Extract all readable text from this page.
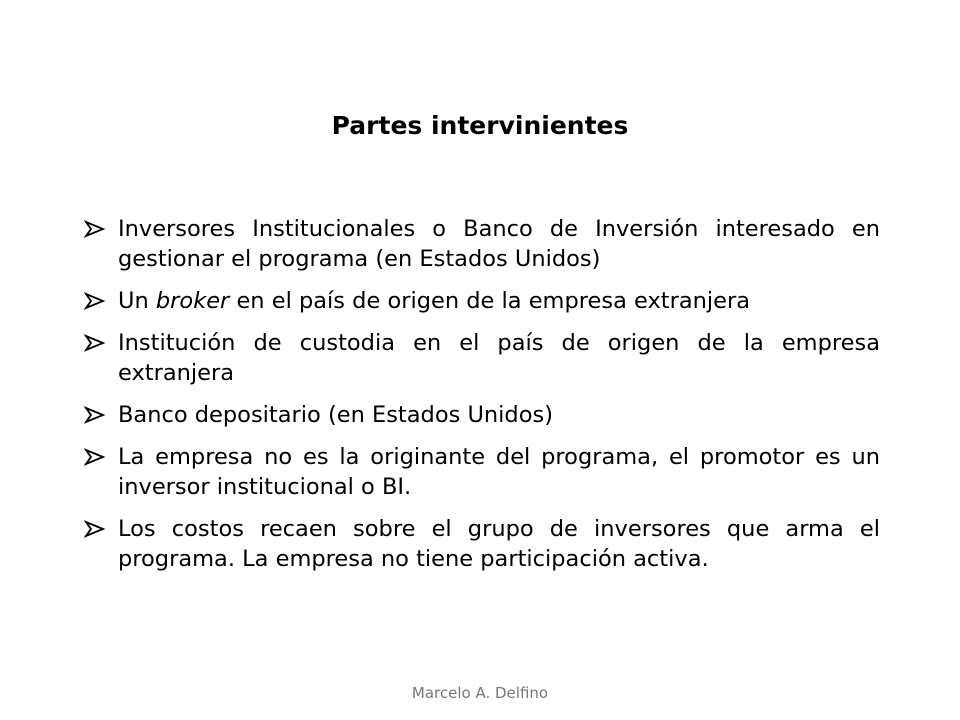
Partes intervinientes
Inversores Institucionales o Banco de Inversión interesado en gestionar el programa (en Estados Unidos)
Un broker en el país de origen de la empresa extranjera
Institución de custodia en el país de origen de la empresa extranjera
Banco depositario (en Estados Unidos)
La empresa no es la originante del programa, el promotor es un inversor institucional o BI.
Los costos recaen sobre el grupo de inversores que arma el programa. La empresa no tiene participación activa.
Marcelo A. Delfino
